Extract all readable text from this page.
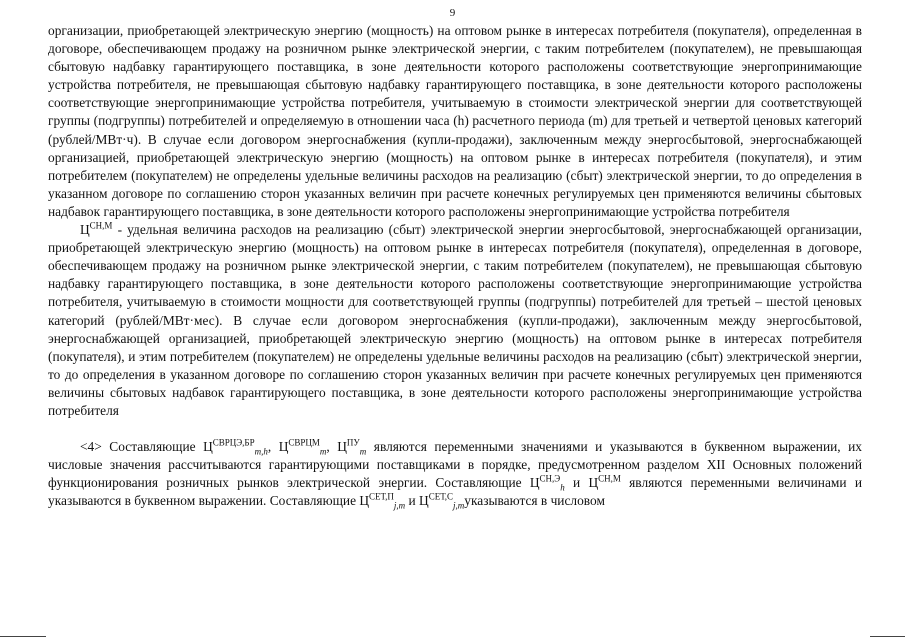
9

организации, приобретающей электрическую энергию (мощность) на оптовом рынке в интересах потребителя (покупателя), определенная в договоре, обеспечивающем продажу на розничном рынке электрической энергии, с таким потребителем (покупателем), не превышающая сбытовую надбавку гарантирующего поставщика, в зоне деятельности которого расположены соответствующие энергопринимающие устройства потребителя, не превышающая сбытовую надбавку гарантирующего поставщика, в зоне деятельности которого расположены соответствующие энергопринимающие устройства потребителя, учитываемую в стоимости электрической энергии для соответствующей группы (подгруппы) потребителей и определяемую в отношении часа (h) расчетного периода (m) для третьей и четвертой ценовых категорий (рублей/МВт·ч). В случае если договором энергоснабжения (купли-продажи), заключенным между энергосбытовой, энергоснабжающей организацией, приобретающей электрическую энергию (мощность) на оптовом рынке в интересах потребителя (покупателя), и этим потребителем (покупателем) не определены удельные величины расходов на реализацию (сбыт) электрической энергии, то до определения в указанном договоре по соглашению сторон указанных величин при расчете конечных регулируемых цен применяются величины сбытовых надбавок гарантирующего поставщика, в зоне деятельности которого расположены энергопринимающие устройства потребителя

$Ц^{СН,М}$ - удельная величина расходов на реализацию (сбыт) электрической энергии энергосбытовой, энергоснабжающей организации, приобретающей электрическую энергию (мощность) на оптовом рынке в интересах потребителя (покупателя), определенная в договоре, обеспечивающем продажу на розничном рынке электрической энергии, с таким потребителем (покупателем), не превышающая сбытовую надбавку гарантирующего поставщика, в зоне деятельности которого расположены соответствующие энергопринимающие устройства потребителя, учитываемую в стоимости мощности для соответствующей группы (подгруппы) потребителей для третьей – шестой ценовых категорий (рублей/МВт·мес). В случае если договором энергоснабжения (купли-продажи), заключенным между энергосбытовой, энергоснабжающей организацией, приобретающей электрическую энергию (мощность) на оптовом рынке в интересах потребителя (покупателя), и этим потребителем (покупателем) не определены удельные величины расходов на реализацию (сбыт) электрической энергии, то до определения в указанном договоре по соглашению сторон указанных величин при расчете конечных регулируемых цен применяются величины сбытовых надбавок гарантирующего поставщика, в зоне деятельности которого расположены энергопринимающие устройства потребителя

<4> Составляющие $Ц^{СВРЦЭ,БР}_{m,h}$, $Ц^{СВРЦМ}_m$, $Ц^{ПУ}_m$ являются переменными значениями и указываются в буквенном выражении, их числовые значения рассчитываются гарантирующими поставщиками в порядке, предусмотренном разделом XII Основных положений функционирования розничных рынков электрической энергии. Составляющие $Ц^{СН,Э}_h$ и $Ц^{СН,М}$ являются переменными величинами и указываются в буквенном выражении. Составляющие $Ц^{СЕТ,П}_{j,m}$ и $Ц^{СЕТ,С}_{j,m}указываются$ в числовом
